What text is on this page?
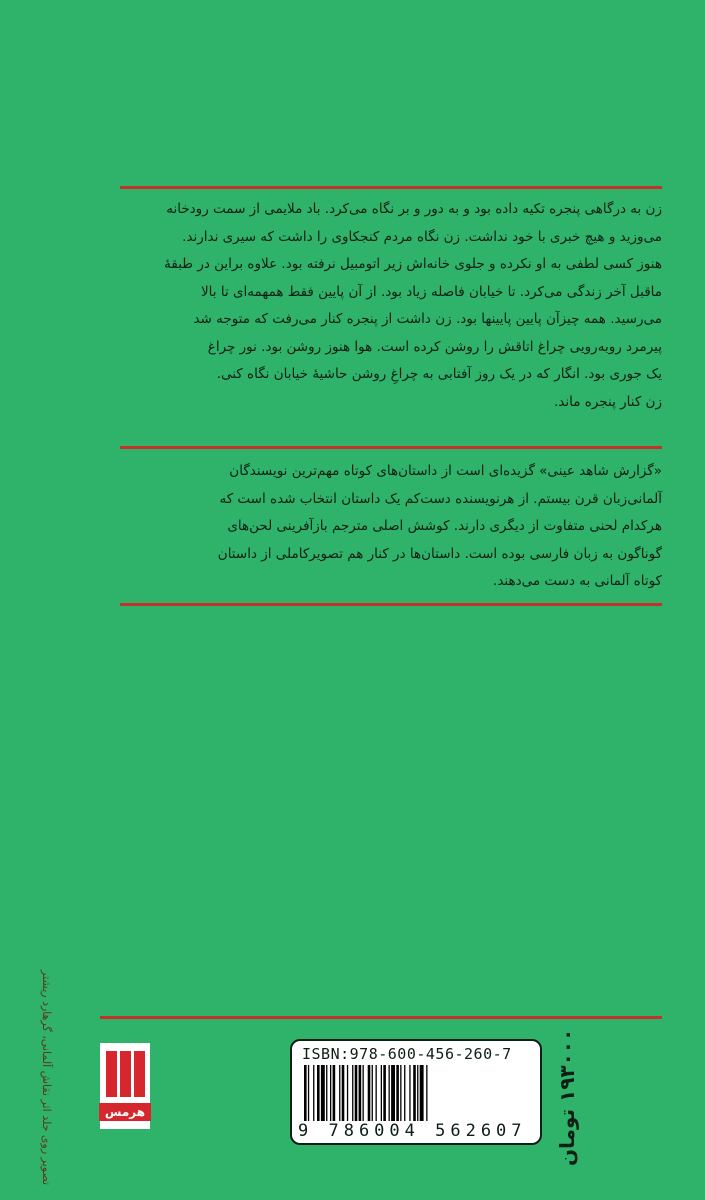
زن به درگاهی پنجره تکیه داده بود و به دور و بر نگاه می‌کرد. باد ملایمی از سمت رودخانه
می‌وزید و هیچ خبری با خود نداشت. زن نگاه مردم کنجکاوی را داشت که سیری ندارند.
هنوز کسی لطفی به او نکرده و جلوی خانه‌اش زیر اتومبیل نرفته بود. علاوه براین در طبقهٔ
ماقبل آخر زندگی می‌کرد. تا خیابان فاصله زیاد بود. از آن پایین فقط همهمه‌ای تا بالا
می‌رسید. همه چیزآن پایین پایینها بود. زن داشت از پنجره کنار می‌رفت که متوجه شد
پیرمرد روبه‌رویی چراغ اتاقش را روشن کرده است. هوا هنوز روشن بود. نور چراغ
یک جوری بود. انگار که در یک روز آفتابی به چراغِ روشن حاشیهٔ خیابان نگاه کنی.
زن کنار پنجره ماند.
«گزارش شاهد عینی» گزیده‌ای است از داستان‌های کوتاه مهم‌ترین نویسندگان
آلمانی‌زبان قرن بیستم. از هرنویسنده دست‌کم یک داستان انتخاب شده است که
هرکدام لحنی متفاوت از دیگری دارند. کوشش اصلی مترجم بازآفرینی لحن‌های
گوناگون به زبان فارسی بوده است. داستان‌ها در کنار هم تصویرکاملی از داستان
کوتاه آلمانی به دست می‌دهند.
تصویر روی جلد اثر نقاش آلمانی، گرهارد ریشتر	هرمس
ISBN:978-600-456-260-7
9 786004 562607	۱۹۳۰۰۰ تومان
